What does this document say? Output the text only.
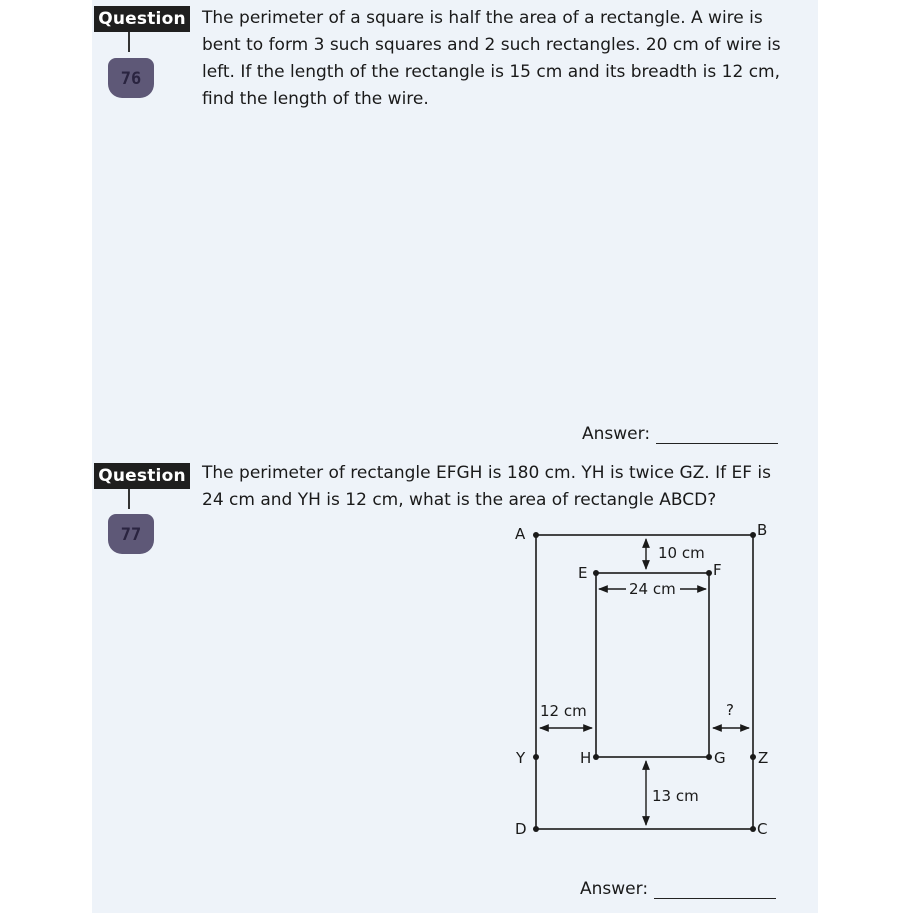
Question
76
The perimeter of a square is half the area of a rectangle. A wire is bent to form 3 such squares and 2 such rectangles. 20 cm of wire is left. If the length of the rectangle is 15 cm and its breadth is 12 cm, find the length of the wire.
Answer:
Question
77
The perimeter of rectangle EFGH is 180 cm. YH is twice GZ. If EF is 24 cm and YH is 12 cm, what is the area of rectangle ABCD?
A	B
C
D
E	F
G
H
Y	Z
10 cm
24 cm
12 cm	?
13 cm
Answer:
